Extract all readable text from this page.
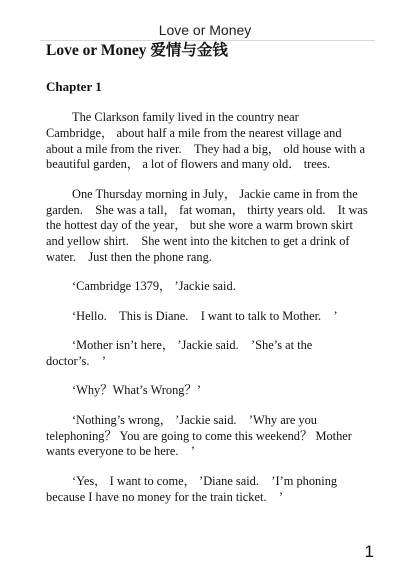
Love or Money
Love or Money 爱情与金钱
Chapter 1

The Clarkson family lived in the country near Cambridge， about half a mile from the nearest village and about a mile from the river.　They had a big， old house with a beautiful garden， a lot of flowers and many old． trees.

One Thursday morning in July， Jackie came in from the garden.　She was a tall， fat woman， thirty years old.　It was the hottest day of the year， but she wore a warm brown skirt and yellow shirt.　She went into the kitchen to get a drink of water.　Just then the phone rang.

‘Cambridge 1379， ’Jackie said.

‘Hello.　This is Diane.　I want to talk to Mother.　’

‘Mother isn’t here， ’Jackie said.　’She’s at the doctor’s.　’

‘Why？What’s Wrong？’

‘Nothing’s wrong， ’Jackie said.　’Why are you telephoning？ You are going to come this weekend？ Mother wants everyone to be here.　’

‘Yes， I want to come， ’Diane said.　’I’m phoning because I have no money for the train ticket.　’

1
